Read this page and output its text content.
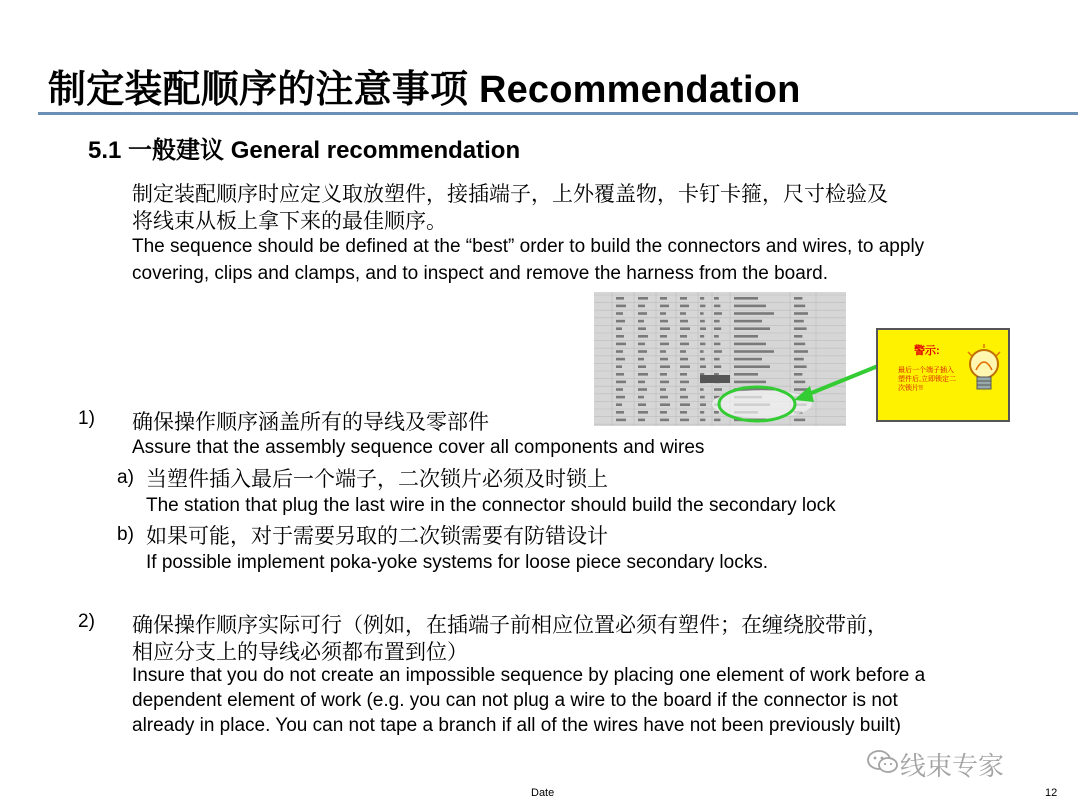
制定装配顺序的注意事项 Recommendation
5.1 一般建议 General recommendation
制定装配顺序时应定义取放塑件，接插端子，上外覆盖物，卡钉卡箍，尺寸检验及
将线束从板上拿下来的最佳顺序。
The sequence should be defined at the “best” order to build the connectors and wires, to apply
covering, clips and clamps, and to inspect and remove the harness from the board.
警示:
最后一个端子插入塑件后,立即锁定二次锁片!!
1) 确保操作顺序涵盖所有的导线及零部件
Assure that the assembly sequence cover all components and wires
a) 当塑件插入最后一个端子，二次锁片必须及时锁上
The station that plug the last wire in the connector should build the secondary lock
b) 如果可能，对于需要另取的二次锁需要有防错设计
If possible implement poka-yoke systems for loose piece secondary locks.
2) 确保操作顺序实际可行（例如，在插端子前相应位置必须有塑件；在缠绕胶带前，
相应分支上的导线必须都布置到位）
Insure that you do not create an impossible sequence by placing one element of work before a
dependent element of work (e.g. you can not plug a wire to the board if the connector is not
already in place. You can not tape a branch if all of the wires have not been previously built)
线束专家
Date	12
